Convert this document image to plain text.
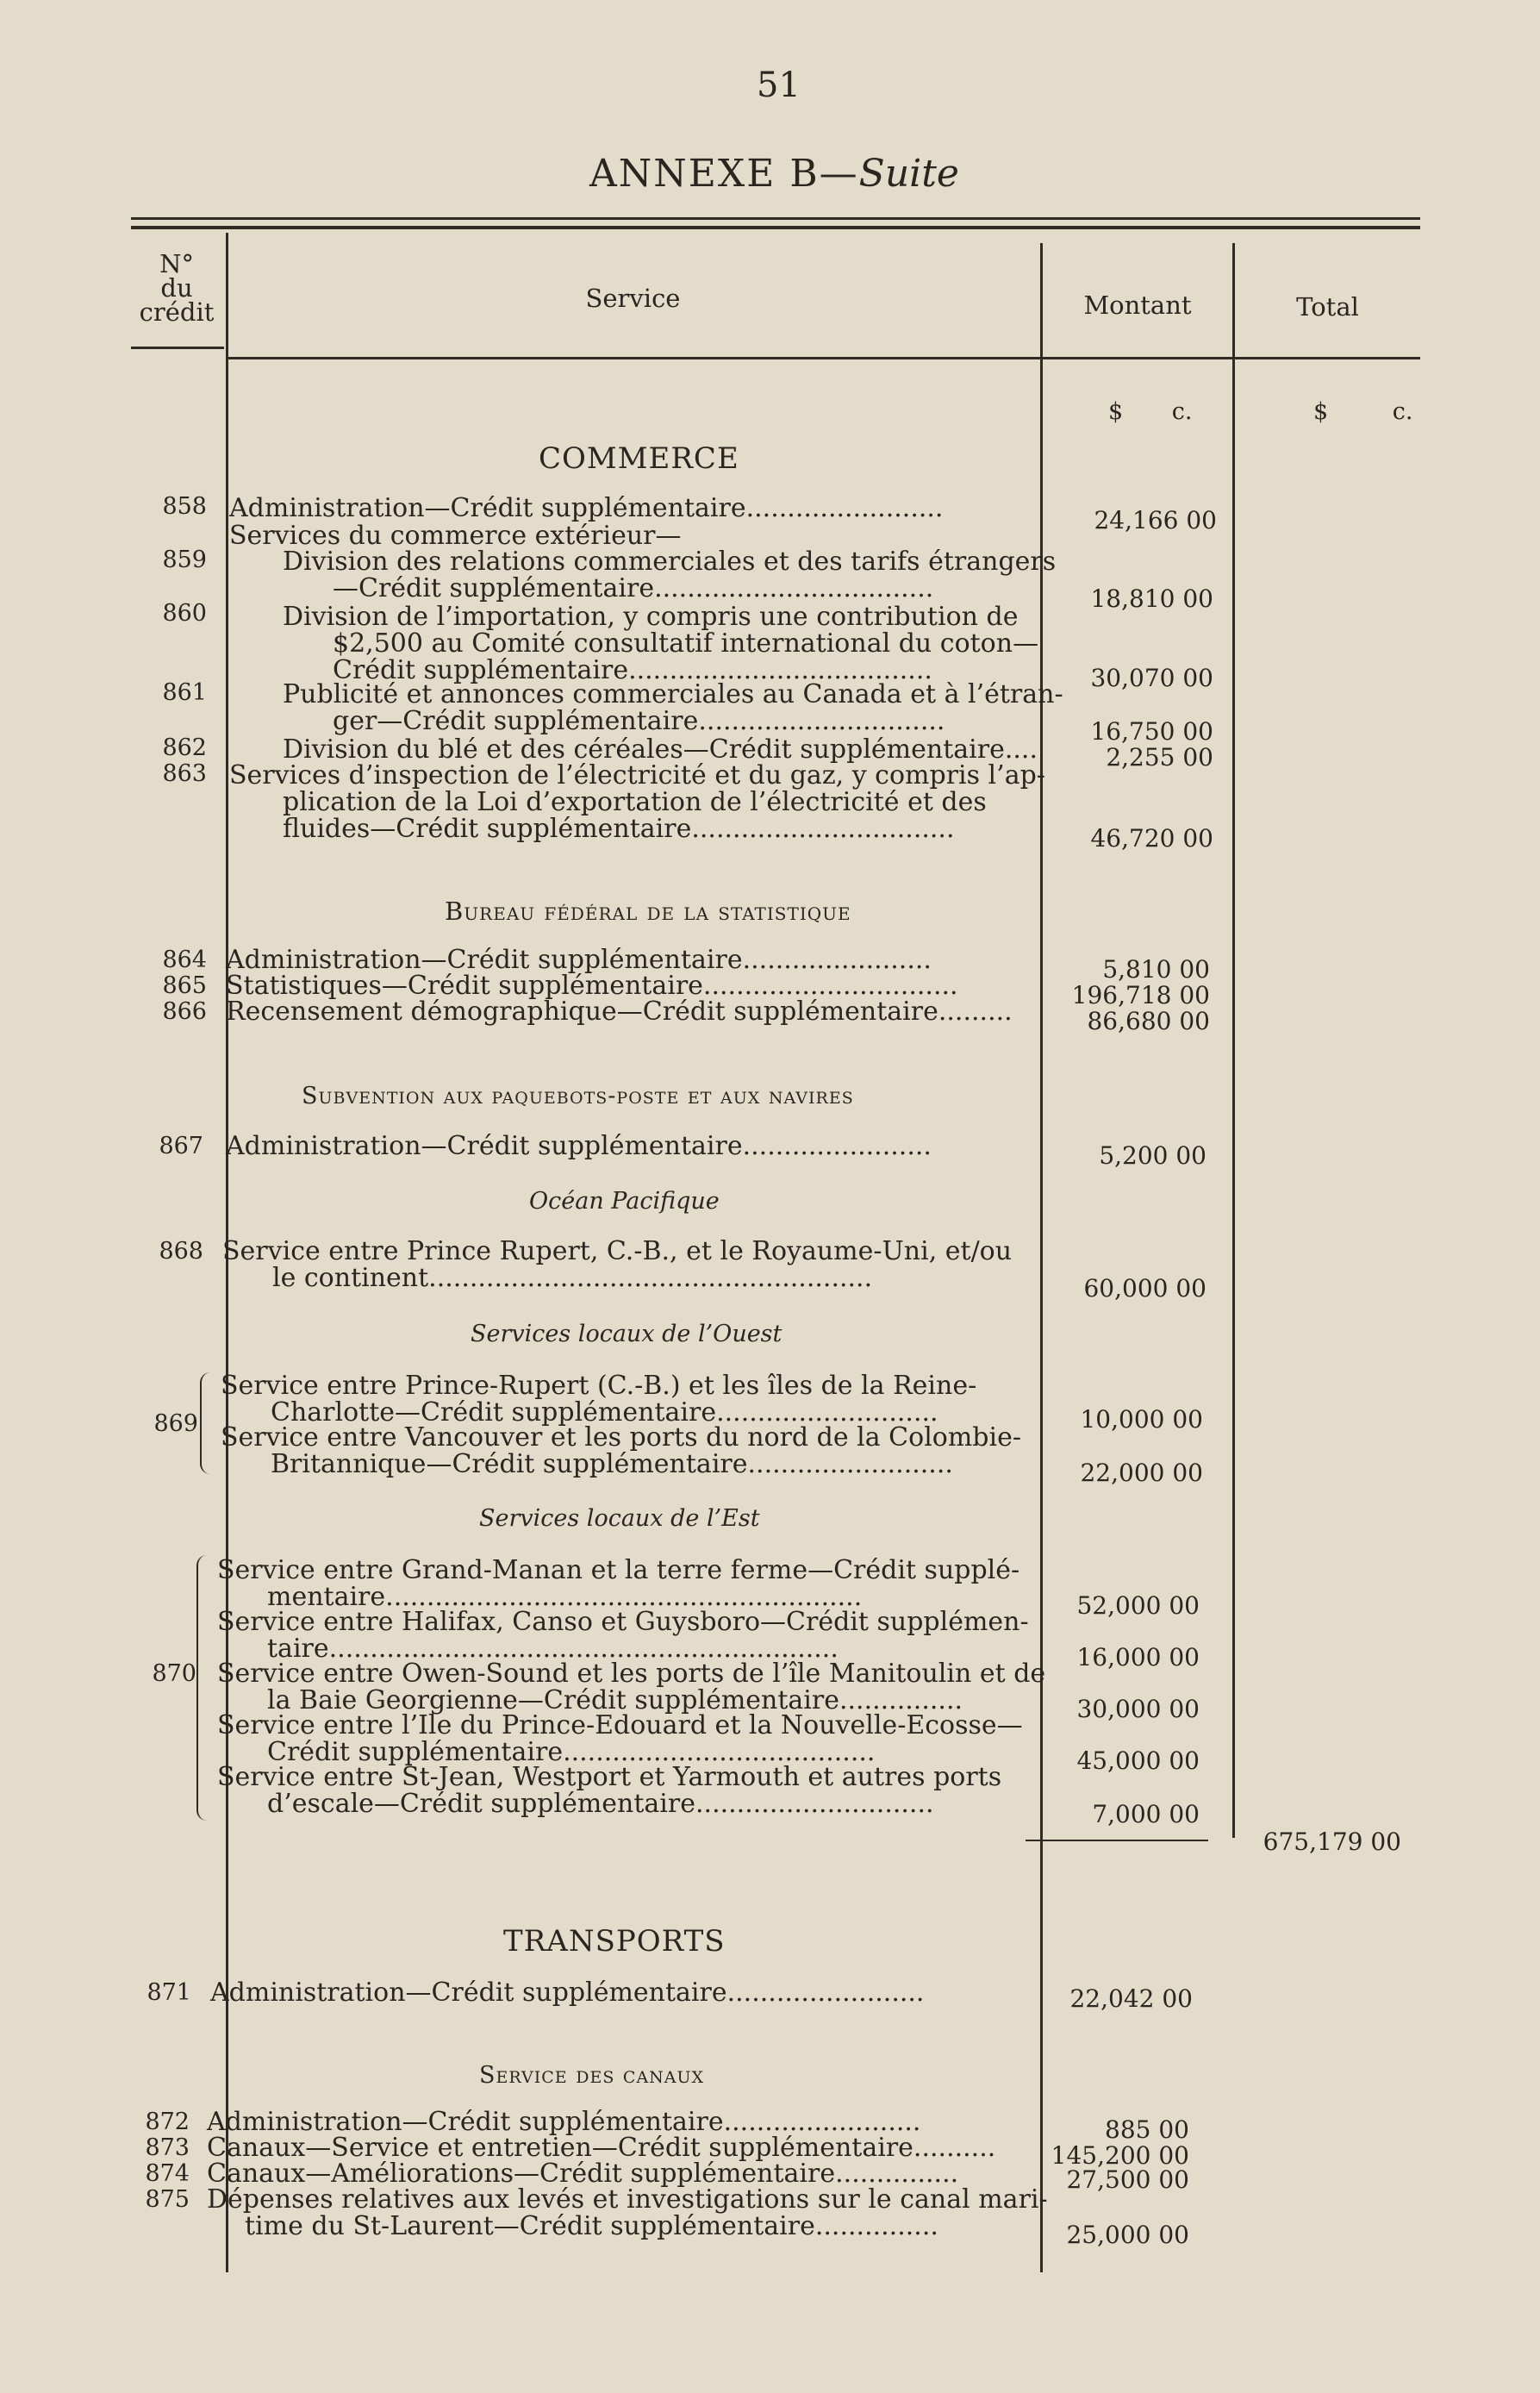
51
ANNEXE B—Suite
N°
du
crédit	Service	Montant	Total
$ c.	$ c.
COMMERCE
858 Administration—Crédit supplémentaire........................	24,166 00
Services du commerce extérieur—
859	Division des relations commerciales et des tarifs étrangers
—Crédit supplémentaire..................................	18,810 00
860	Division de l’importation, y compris une contribution de
$2,500 au Comité consultatif international du coton—
Crédit supplémentaire.....................................	30,070 00
861	Publicité et annonces commerciales au Canada et à l’étran-
ger—Crédit supplémentaire..............................	16,750 00
862	Division du blé et des céréales—Crédit supplémentaire....	2,255 00
863 Services d’inspection de l’électricité et du gaz, y compris l’ap-
plication de la Loi d’exportation de l’électricité et des
fluides—Crédit supplémentaire................................	46,720 00
Bureau fédéral de la statistique
864 Administration—Crédit supplémentaire.......................	5,810 00
865 Statistiques—Crédit supplémentaire...............................	196,718 00
866 Recensement démographique—Crédit supplémentaire.........	86,680 00
Subvention aux paquebots-poste et aux navires
867 Administration—Crédit supplémentaire.......................	5,200 00
Océan Pacifique
868 Service entre Prince Rupert, C.-B., et le Royaume-Uni, et/ou
le continent......................................................	60,000 00
Services locaux de l’Ouest
869
Service entre Prince-Rupert (C.-B.) et les îles de la Reine-
Charlotte—Crédit supplémentaire...........................	10,000 00
Service entre Vancouver et les ports du nord de la Colombie-
Britannique—Crédit supplémentaire.........................	22,000 00
Services locaux de l’Est
870
Service entre Grand-Manan et la terre ferme—Crédit supplé-
mentaire..........................................................	52,000 00
Service entre Halifax, Canso et Guysboro—Crédit supplémen-
taire..............................................................	16,000 00
Service entre Owen-Sound et les ports de l’île Manitoulin et de
la Baie Georgienne—Crédit supplémentaire...............	30,000 00
Service entre l’Ile du Prince-Edouard et la Nouvelle-Ecosse—
Crédit supplémentaire......................................	45,000 00
Service entre St-Jean, Westport et Yarmouth et autres ports
d’escale—Crédit supplémentaire.............................	7,000 00
675,179 00
TRANSPORTS
871 Administration—Crédit supplémentaire........................	22,042 00
Service des canaux
872 Administration—Crédit supplémentaire........................	885 00
873 Canaux—Service et entretien—Crédit supplémentaire..........	145,200 00
874 Canaux—Améliorations—Crédit supplémentaire...............	27,500 00
875 Dépenses relatives aux levés et investigations sur le canal mari-
time du St-Laurent—Crédit supplémentaire...............	25,000 00
